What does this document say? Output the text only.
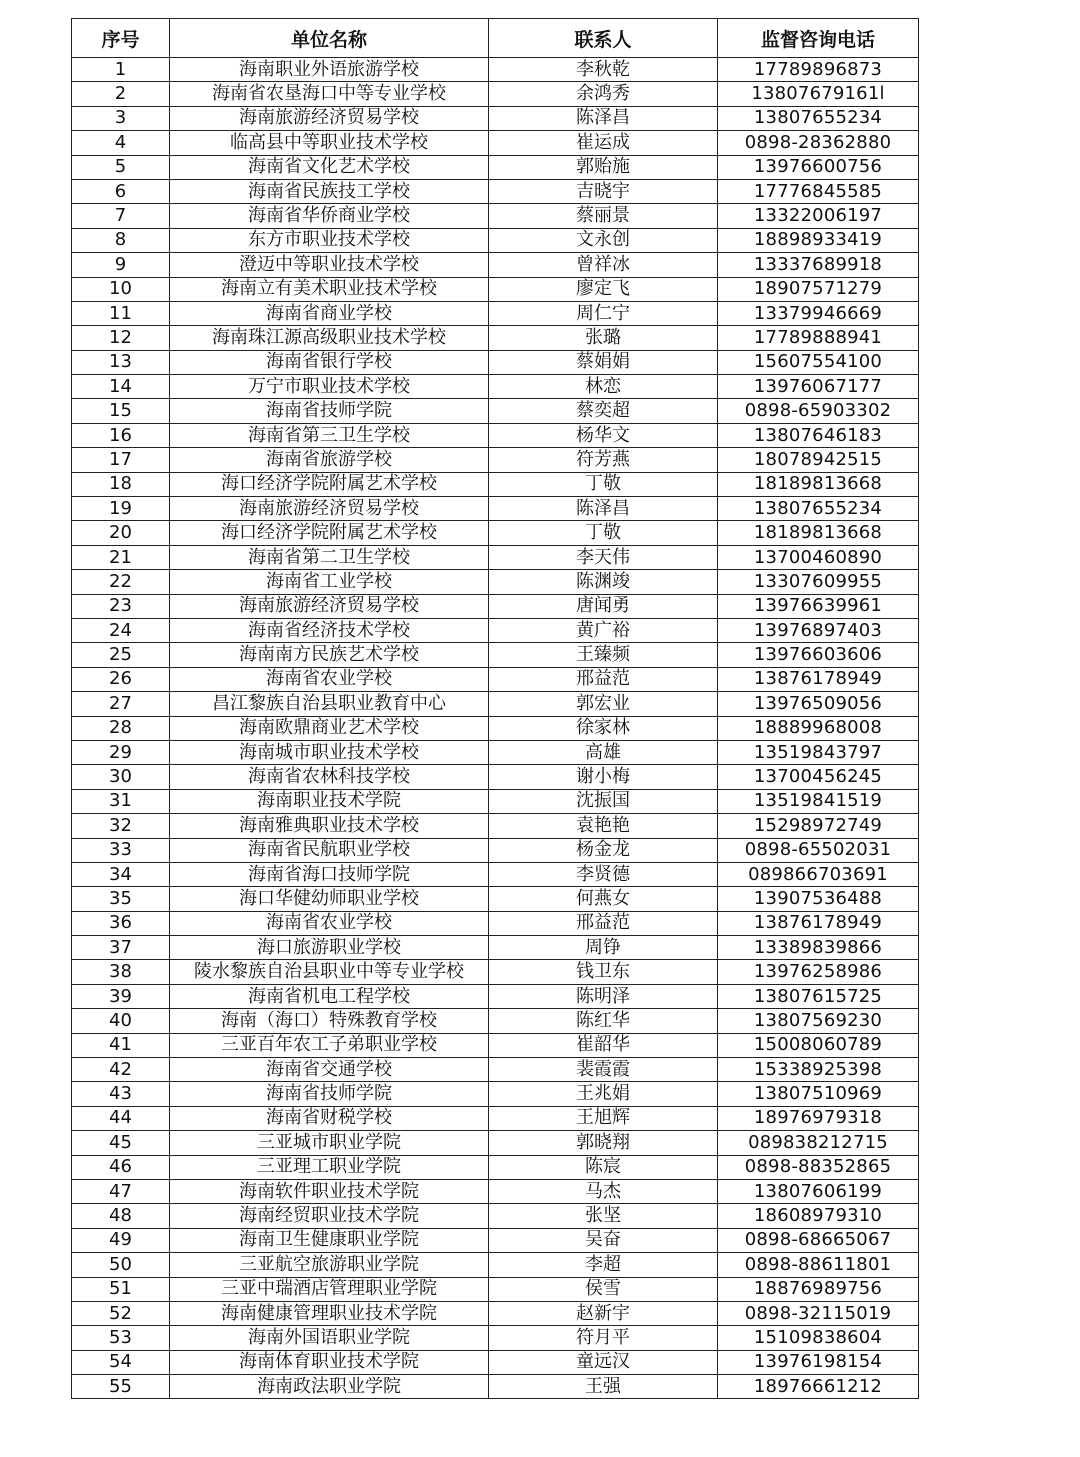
序号	单位名称	联系人	监督咨询电话
1	海南职业外语旅游学校	李秋乾	17789896873
2	海南省农垦海口中等专业学校	余鸿秀	13807679161l
3	海南旅游经济贸易学校	陈泽昌	13807655234
4	临高县中等职业技术学校	崔运成	0898-28362880
5	海南省文化艺术学校	郭贻施	13976600756
6	海南省民族技工学校	吉晓宇	17776845585
7	海南省华侨商业学校	蔡丽景	13322006197
8	东方市职业技术学校	文永创	18898933419
9	澄迈中等职业技术学校	曾祥冰	13337689918
10	海南立有美术职业技术学校	廖定飞	18907571279
11	海南省商业学校	周仁宁	13379946669
12	海南珠江源高级职业技术学校	张璐	17789888941
13	海南省银行学校	蔡娟娟	15607554100
14	万宁市职业技术学校	林恋	13976067177
15	海南省技师学院	蔡奕超	0898-65903302
16	海南省第三卫生学校	杨华文	13807646183
17	海南省旅游学校	符芳燕	18078942515
18	海口经济学院附属艺术学校	丁敬	18189813668
19	海南旅游经济贸易学校	陈泽昌	13807655234
20	海口经济学院附属艺术学校	丁敬	18189813668
21	海南省第二卫生学校	李天伟	13700460890
22	海南省工业学校	陈渊竣	13307609955
23	海南旅游经济贸易学校	唐闻勇	13976639961
24	海南省经济技术学校	黄广裕	13976897403
25	海南南方民族艺术学校	王臻频	13976603606
26	海南省农业学校	邢益范	13876178949
27	昌江黎族自治县职业教育中心	郭宏业	13976509056
28	海南欧鼎商业艺术学校	徐家林	18889968008
29	海南城市职业技术学校	高雄	13519843797
30	海南省农林科技学校	谢小梅	13700456245
31	海南职业技术学院	沈振国	13519841519
32	海南雅典职业技术学校	袁艳艳	15298972749
33	海南省民航职业学校	杨金龙	0898-65502031
34	海南省海口技师学院	李贤德	089866703691
35	海口华健幼师职业学校	何燕女	13907536488
36	海南省农业学校	邢益范	13876178949
37	海口旅游职业学校	周铮	13389839866
38	陵水黎族自治县职业中等专业学校	钱卫东	13976258986
39	海南省机电工程学校	陈明泽	13807615725
40	海南（海口）特殊教育学校	陈红华	13807569230
41	三亚百年农工子弟职业学校	崔韶华	15008060789
42	海南省交通学校	裴霞霞	15338925398
43	海南省技师学院	王兆娟	13807510969
44	海南省财税学校	王旭辉	18976979318
45	三亚城市职业学院	郭晓翔	089838212715
46	三亚理工职业学院	陈宸	0898-88352865
47	海南软件职业技术学院	马杰	13807606199
48	海南经贸职业技术学院	张坚	18608979310
49	海南卫生健康职业学院	吴奋	0898-68665067
50	三亚航空旅游职业学院	李超	0898-88611801
51	三亚中瑞酒店管理职业学院	侯雪	18876989756
52	海南健康管理职业技术学院	赵新宇	0898-32115019
53	海南外国语职业学院	符月平	15109838604
54	海南体育职业技术学院	童远汉	13976198154
55	海南政法职业学院	王强	18976661212
